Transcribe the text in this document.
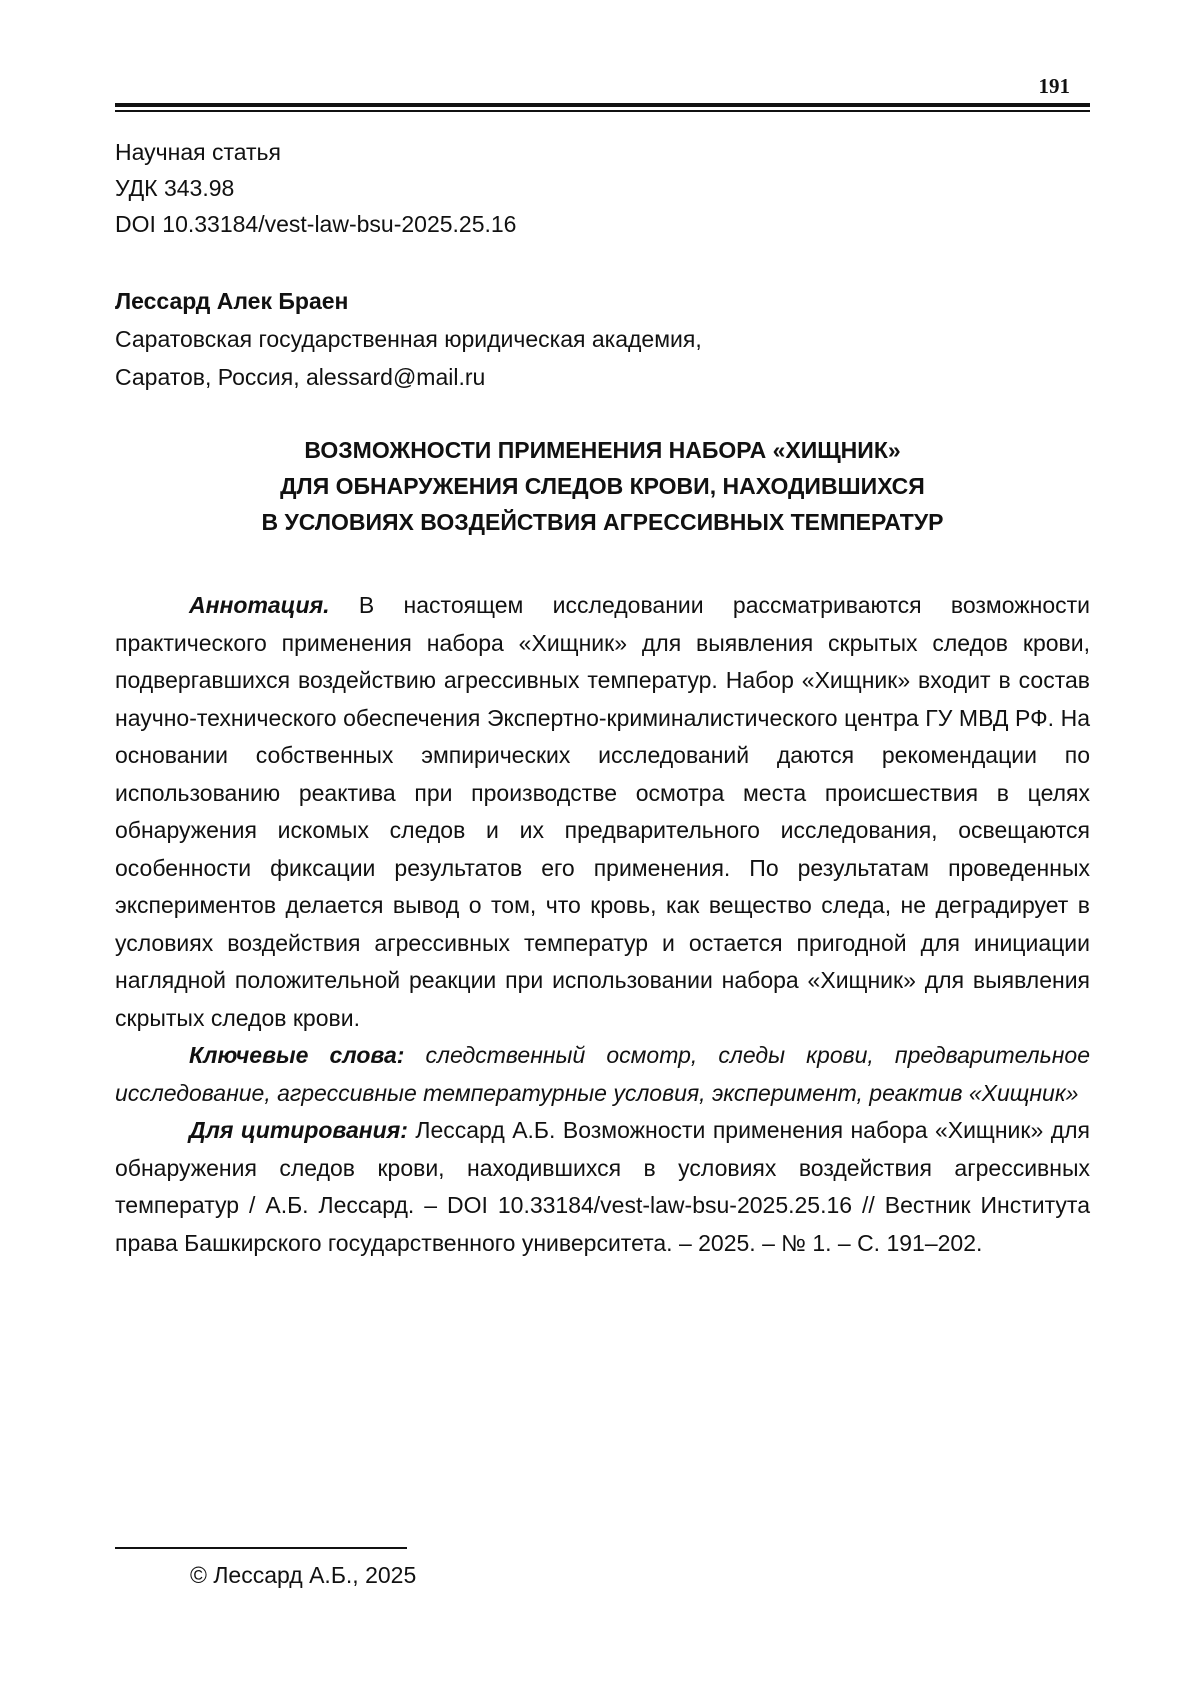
191
Научная статья
УДК 343.98
DOI 10.33184/vest-law-bsu-2025.25.16
Лессард Алек Браен
Саратовская государственная юридическая академия,
Саратов, Россия, alessard@mail.ru
ВОЗМОЖНОСТИ ПРИМЕНЕНИЯ НАБОРА «ХИЩНИК»
ДЛЯ ОБНАРУЖЕНИЯ СЛЕДОВ КРОВИ, НАХОДИВШИХСЯ
В УСЛОВИЯХ ВОЗДЕЙСТВИЯ АГРЕССИВНЫХ ТЕМПЕРАТУР

Аннотация. В настоящем исследовании рассматриваются возможности практического применения набора «Хищник» для выявления скрытых следов крови, подвергавшихся воздействию агрессивных температур. Набор «Хищник» входит в состав научно-технического обеспечения Экспертно-криминалистического центра ГУ МВД РФ. На основании собственных эмпирических исследований даются рекомендации по использованию реактива при производстве осмотра места происшествия в целях обнаружения искомых следов и их предварительного исследования, освещаются особенности фиксации результатов его применения. По результатам проведенных экспериментов делается вывод о том, что кровь, как вещество следа, не деградирует в условиях воздействия агрессивных температур и остается пригодной для инициации наглядной положительной реакции при использовании набора «Хищник» для выявления скрытых следов крови.

Ключевые слова: следственный осмотр, следы крови, предварительное исследование, агрессивные температурные условия, эксперимент, реактив «Хищник»

Для цитирования: Лессард А.Б. Возможности применения набора «Хищник» для обнаружения следов крови, находившихся в условиях воздействия агрессивных температур / А.Б. Лессард. – DOI 10.33184/vest-law-bsu-2025.25.16 // Вестник Института права Башкирского государственного университета. – 2025. – № 1. – С. 191–202.

© Лессард А.Б., 2025
